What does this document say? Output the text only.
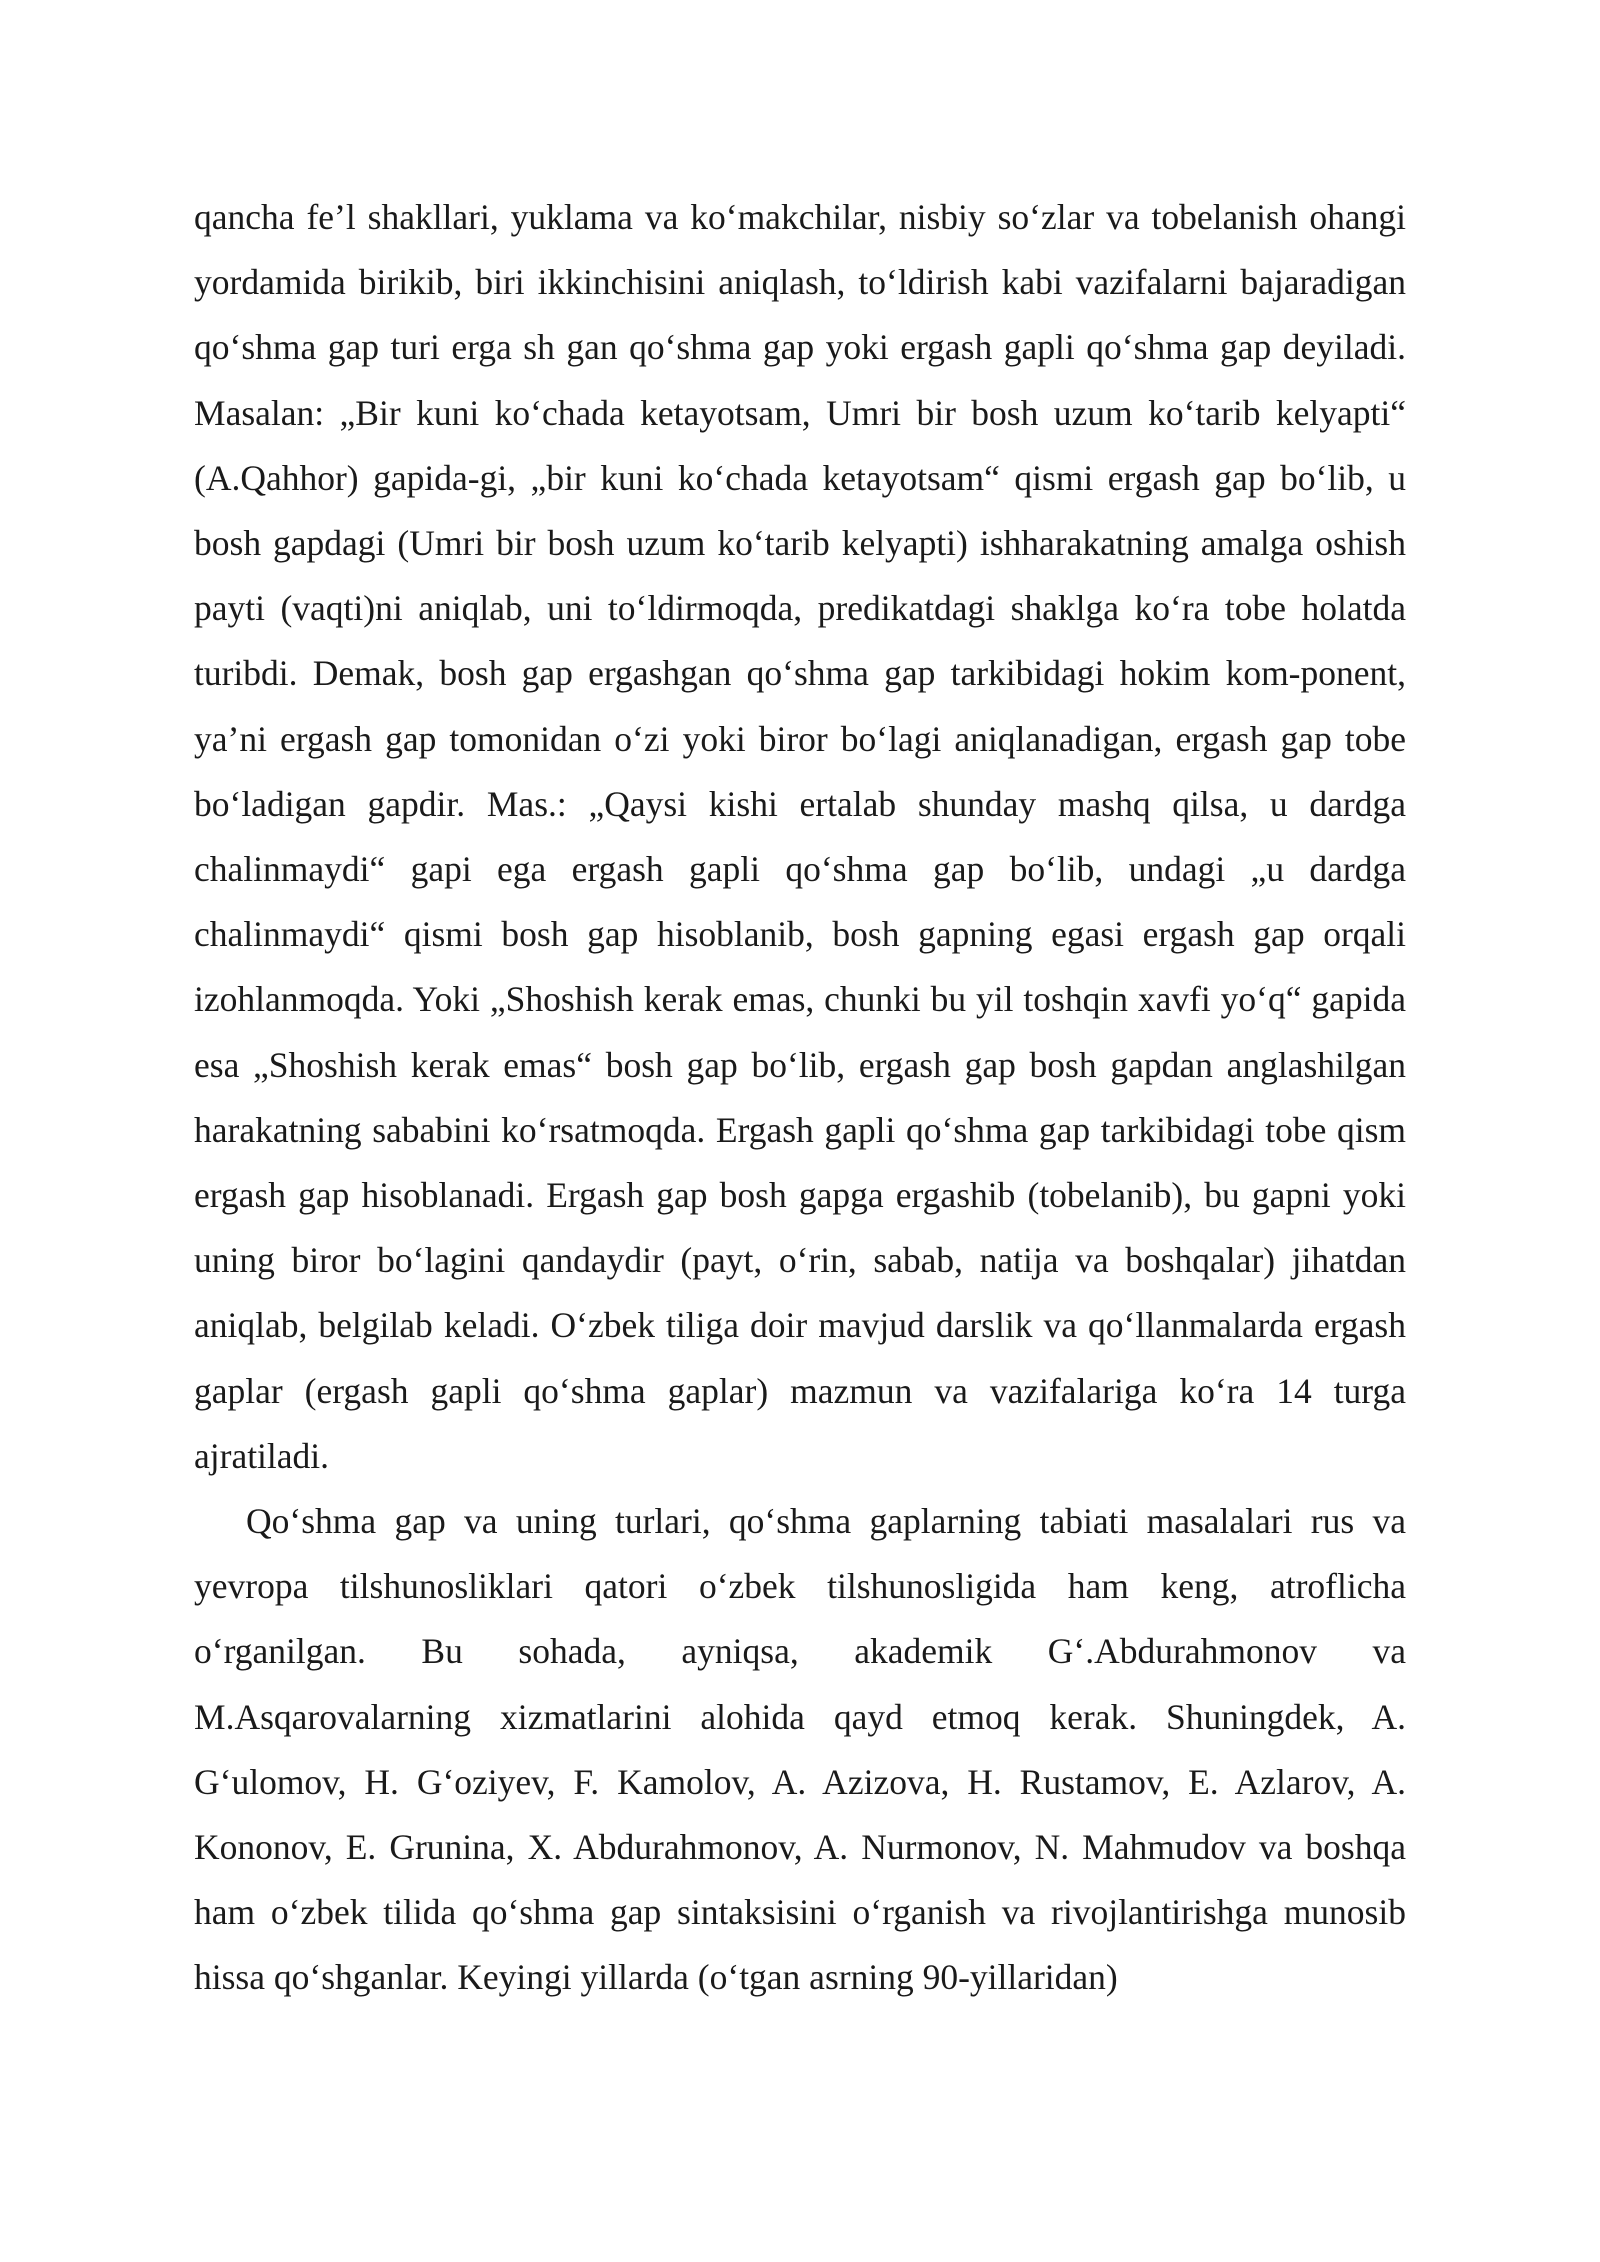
qancha fe’l shakllari, yuklama va ko‘makchilar, nisbiy so‘zlar va tobelanish ohangi yordamida birikib, biri ikkinchisini aniqlash, to‘ldirish kabi vazifalarni bajaradigan qo‘shma gap turi erga sh gan qo‘shma gap yoki ergash gapli qo‘shma gap deyiladi. Masalan: „Bir kuni ko‘chada ketayotsam, Umri bir bosh uzum ko‘tarib kelyapti“ (A.Qahhor) gapida-gi, „bir kuni ko‘chada ketayotsam“ qismi ergash gap bo‘lib, u bosh gapdagi (Umri bir bosh uzum ko‘tarib kelyapti) ishharakatning amalga oshish payti (vaqti)ni aniqlab, uni to‘ldirmoqda, predikatdagi shaklga ko‘ra tobe holatda turibdi. Demak, bosh gap ergashgan qo‘shma gap tarkibidagi hokim kom-ponent, ya’ni ergash gap tomonidan o‘zi yoki biror bo‘lagi aniqlanadigan, ergash gap tobe bo‘ladigan gapdir. Mas.: „Qaysi kishi ertalab shunday mashq qilsa, u dardga chalinmaydi“ gapi ega ergash gapli qo‘shma gap bo‘lib, undagi „u dardga chalinmaydi“ qismi bosh gap hisoblanib, bosh gapning egasi ergash gap orqali izohlanmoqda. Yoki „Shoshish kerak emas, chunki bu yil toshqin xavfi yo‘q“ gapida esa „Shoshish kerak emas“ bosh gap bo‘lib, ergash gap bosh gapdan anglashilgan harakatning sababini ko‘rsatmoqda. Ergash gapli qo‘shma gap tarkibidagi tobe qism ergash gap hisoblanadi. Ergash gap bosh gapga ergashib (tobelanib), bu gapni yoki uning biror bo‘lagini qandaydir (payt, o‘rin, sabab, natija va boshqalar) jihatdan aniqlab, belgilab keladi. O‘zbek tiliga doir mavjud darslik va qo‘llanmalarda ergash gaplar (ergash gapli qo‘shma gaplar) mazmun va vazifalariga ko‘ra 14 turga ajratiladi.

Qo‘shma gap va uning turlari, qo‘shma gaplarning tabiati masalalari rus va yevropa tilshunosliklari qatori o‘zbek tilshunosligida ham keng, atroflicha o‘rganilgan. Bu sohada, ayniqsa, akademik G‘.Abdurahmonov va M.Asqarovalarning xizmatlarini alohida qayd etmoq kerak. Shuningdek, A. G‘ulomov, H. G‘oziyev, F. Kamolov, A. Azizova, H. Rustamov, E. Azlarov, A. Kononov, E. Grunina, X. Abdurahmonov, A. Nurmonov, N. Mahmudov va boshqa ham o‘zbek tilida qo‘shma gap sintaksisini o‘rganish va rivojlantirishga munosib hissa qo‘shganlar. Keyingi yillarda (o‘tgan asrning 90-yillaridan)
